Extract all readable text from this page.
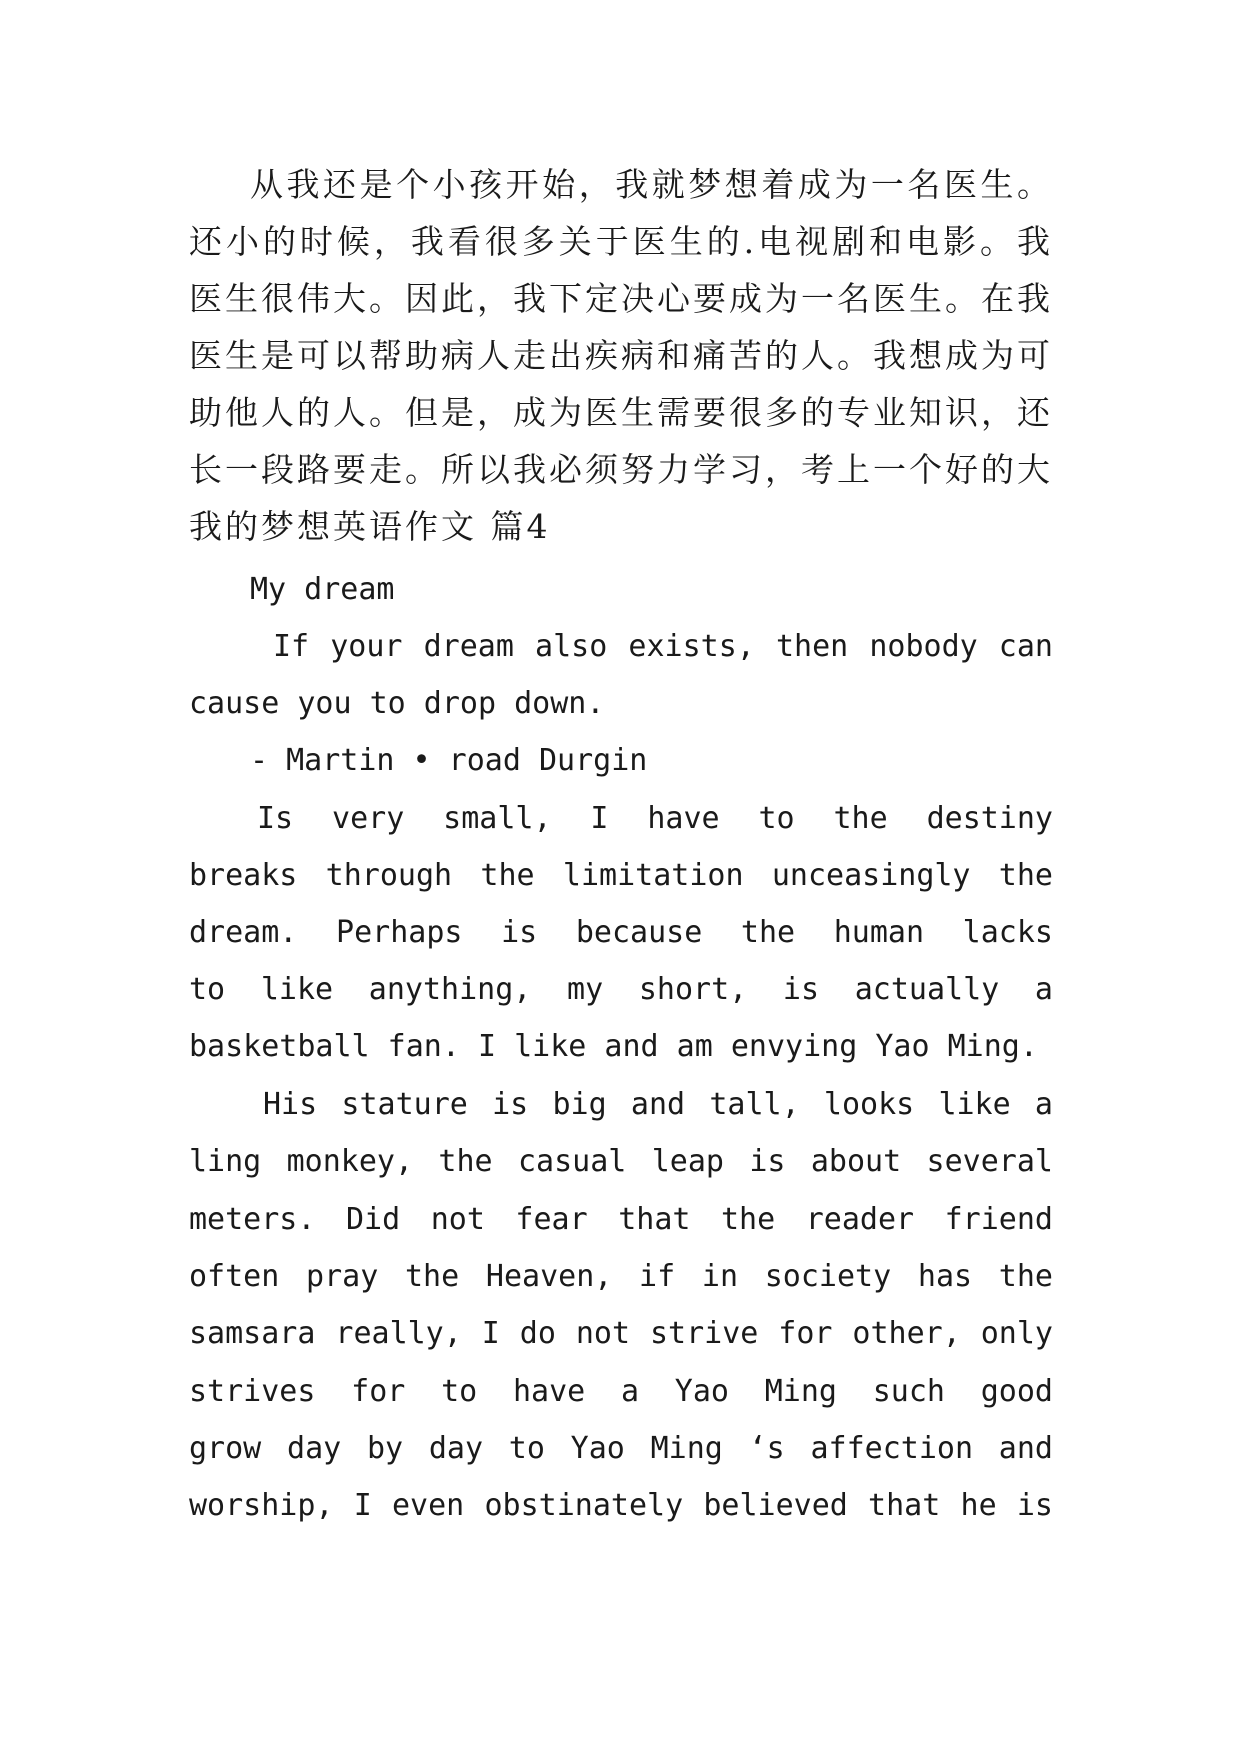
从我还是个小孩开始，我就梦想着成为一名医生。
还小的时候，我看很多关于医生的.电视剧和电影。我
医生很伟大。因此，我下定决心要成为一名医生。在我
医生是可以帮助病人走出疾病和痛苦的人。我想成为可
助他人的人。但是，成为医生需要很多的专业知识，还
长一段路要走。所以我必须努力学习，考上一个好的大
我的梦想英语作文 篇4
My dream
If your dream also exists, then nobody can
cause you to drop down.
- Martin • road Durgin
Is very small, I have to the destiny
breaks through the limitation unceasingly the
dream. Perhaps is because the human lacks
to like anything, my short, is actually a
basketball fan. I like and am envying Yao Ming.
His stature is big and tall, looks like a
ling monkey, the casual leap is about several
meters. Did not fear that the reader friend
often pray the Heaven, if in society has the
samsara really, I do not strive for other, only
strives for to have a Yao Ming such good
grow day by day to Yao Ming ‘s affection and
worship, I even obstinately believed that he is
